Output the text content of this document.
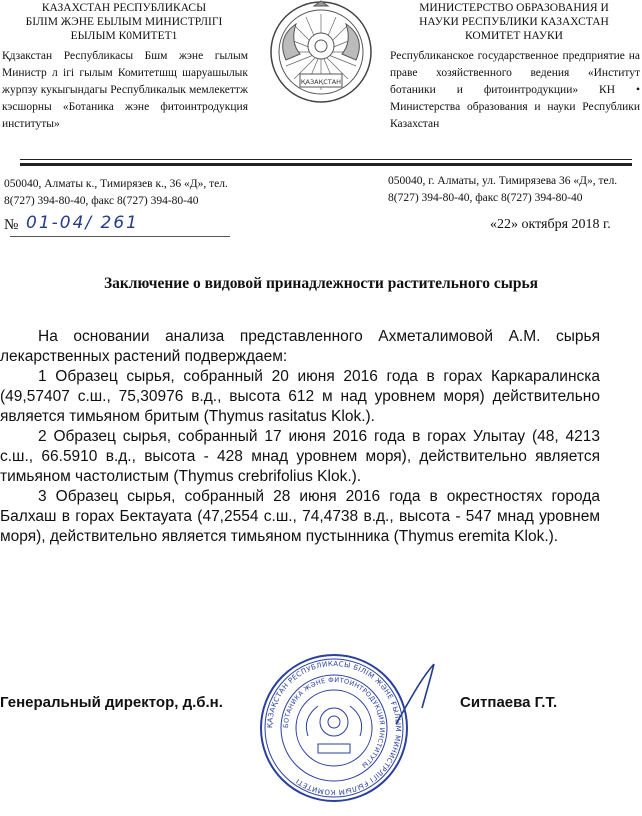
КАЗАХСТАН РЕСПУБЛИКАСЫ
БІЛІМ ЖЭНЕ ЕЫЛЫМ МИНИСТРЛІГІ
ЕЫЛЫМ К0МИТЕТ1
Қдзакстан Республикасы Бшм жэне гылым Министр л ігі гылым Комитетшщ шаруашылык журпзу кукыгындагы Республикалык мемлекеттж кэсшорны «Ботаника жэне фитоинтродукция институты»
ҚАЗАҚСТАН
МИНИСТЕРСТВО ОБРАЗОВАНИЯ И
НАУКИ РЕСПУБЛИКИ КАЗАХСТАН
КОМИТЕТ НАУКИ
Республиканское государственное предприятие на праве хозяйственного ведения «Институт ботаники и фитоинтродукции» КН • Министерства образования и науки Республики Казахстан
050040, Алматы к., Тимирязев к., 36 «Д», тел. 8(727) 394-80-40, факс 8(727) 394-80-40
050040, г. Алматы, ул. Тимирязева 36 «Д», тел. 8(727) 394-80-40, факс 8(727) 394-80-40
№ 01-04/ 261	«22» октября 2018 г.
Заключение о видовой принадлежности растительного сырья

На основании анализа представленного Ахметалимовой А.М. сырья лекарственных растений подверждаем:

1 Образец сырья, собранный 20 июня 2016 года в горах Каркаралинска (49,57407 с.ш., 75,30976 в.д., высота 612 м над уровнем моря) действительно является тимьяном бритым (Thymus rasitatus Klok.).

2 Образец сырья, собранный 17 июня 2016 года в горах Улытау (48, 4213 с.ш., 66.5910 в.д., высота - 428 мнад уровнем моря), действительно является тимьяном частолистым (Thymus crebrifolius Klok.).

3 Образец сырья, собранный 28 июня 2016 года в окрестностях города Балхаш в горах Бектауата (47,2554 с.ш., 74,4738 в.д., высота - 547 мнад уровнем моря), действительно является тимьяном пустынника (Thymus eremita Klok.).

Генеральный директор, д.б.н.	Ситпаева Г.Т.
ҚАЗАҚСТАН РЕСПУБЛИКАСЫ БІЛІМ ЖӘНЕ ҒЫЛЫМ МИНИСТРЛІГІ ҒЫЛЫМ КОМИТЕТІ
БОТАНИКА ЖӘНЕ ФИТОИНТРОДУКЦИЯ ИНСТИТУТЫ
